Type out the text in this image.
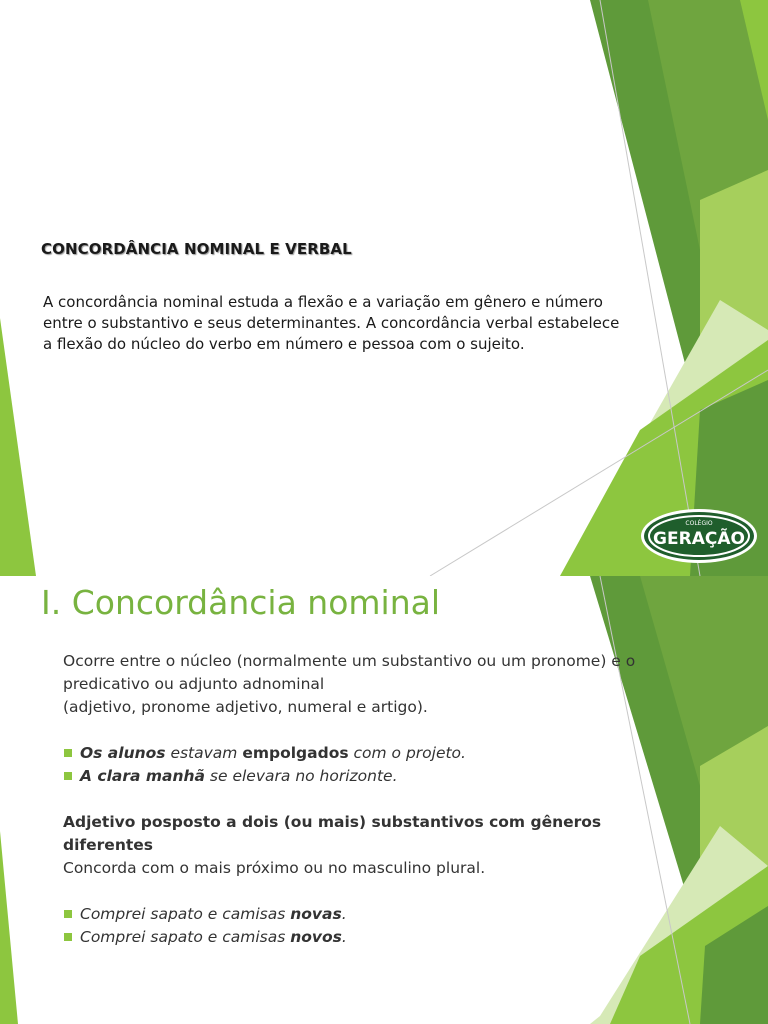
CONCORDÂNCIA NOMINAL E VERBAL
A concordância nominal estuda a flexão e a variação em gênero e número entre o substantivo e seus determinantes. A concordância verbal estabelece a flexão do núcleo do verbo em número e pessoa com o sujeito.
COLÉGIO
GERAÇÃO
I. Concordância nominal

Ocorre entre o núcleo (normalmente um substantivo ou um pronome) e o predicativo ou adjunto adnominal

(adjetivo, pronome adjetivo, numeral e artigo).

Os alunos estavam empolgados com o projeto.

A clara manhã se elevara no horizonte.

Adjetivo posposto a dois (ou mais) substantivos com gêneros diferentes

Concorda com o mais próximo ou no masculino plural.

Comprei sapato e camisas novas.

Comprei sapato e camisas novos.
